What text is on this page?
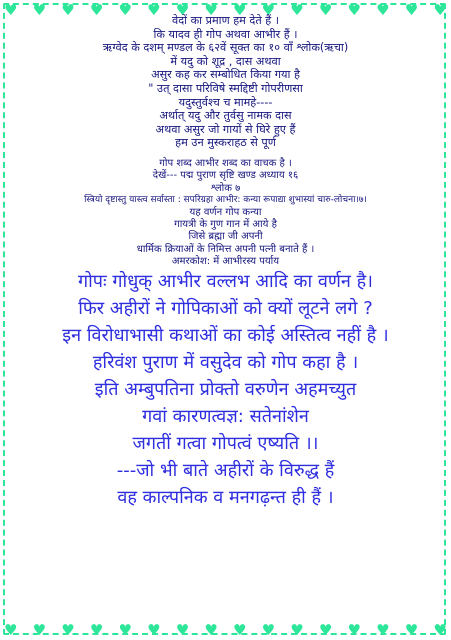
♥ ♥ ♥ ♥ ♥ ♥ ♥ ♥ ♥ ♥ ♥ ♥ ♥ ♥ ♥ ♥
♥ ♥ ♥ ♥ ♥ ♥ ♥ ♥ ♥ ♥ ♥ ♥ ♥ ♥ ♥ ♥
वेदों का प्रमाण हम देते हैं ।
कि यादव ही गोप अथवा आभीर हैं ।
ऋग्वेद के दशम् मण्डल के ६२वें सूक्त का १० वाँ श्लोक(ऋचा)
में यदु को शूद्र , दास अथवा
असुर कह कर सम्बोधित किया गया है
" उत् दासा परिविषे स्मद्दिष्टी गोपरीणसा
यदुस्तुर्वश्च च मामहे----
अर्थात् यदु और तुर्वसु नामक दास
अथवा असुर जो गायों से घिरे हुए हैं
हम उन मुस्कराहठ से पूर्ण
गोप शब्द आभीर शब्द का वाचक है ।
देखें--- पद्म पुराण सृष्टि खण्ड अध्याय १६
श्लोक ७
स्त्रियो दृष्टास्तु यास्त्व सर्वास्ता : सपरिग्रहा आभीर: कन्या रूपाद्या शुभास्यां चारु-लोचना।७।
यह वर्णन गोप कन्या
गायत्री के गुण गान में आये है
जिसे ब्रह्मा जी अपनी
धार्मिक क्रियाओं के निमित्त अपनी पत्नी बनाते हैं ।
अमरकोश: में आभीरस्य पर्याय
गोपः गोधुक् आभीर वल्लभ आदि का वर्णन है।
फिर अहीरों ने गोपिकाओं को क्यों लूटने लगे ?
इन विरोधाभासी कथाओं का कोई अस्तित्व नहीं है ।
हरिवंश पुराण में वसुदेव को गोप कहा है ।
इति अम्बुपतिना प्रोक्तो वरुणेन अहमच्युत
गवां कारणत्वज्ञ: सतेनांशेन
जगतीं गत्वा गोपत्वं एष्यति ।।
---जो भी बाते अहीरों के विरुद्ध हैं
वह काल्पनिक व मनगढ़न्त ही हैं ।
